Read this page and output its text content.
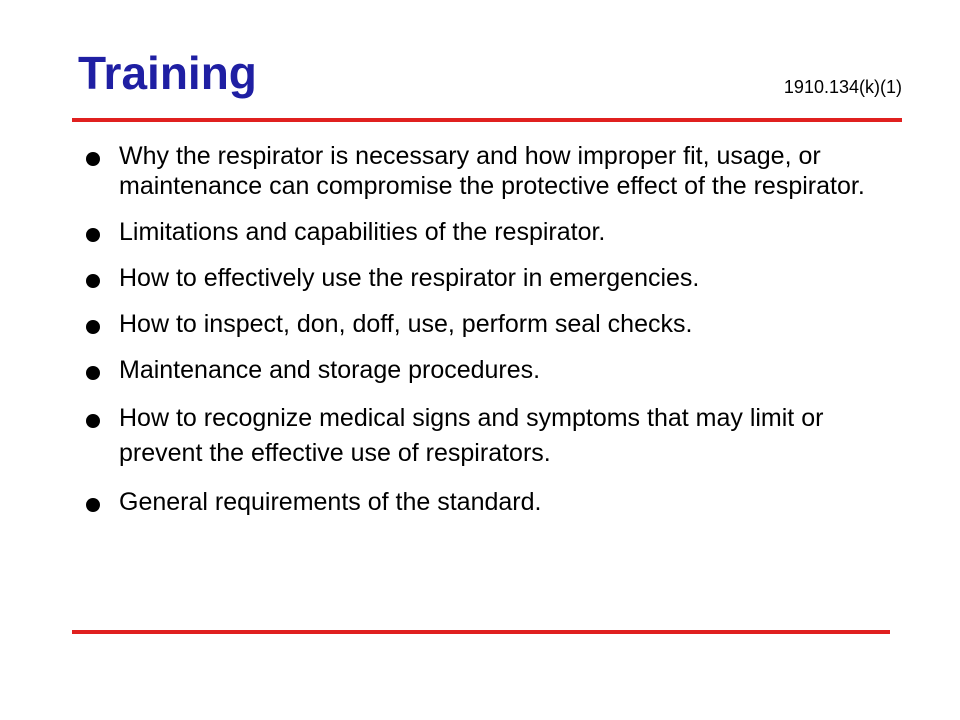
Training	1910.134(k)(1)
Why the respirator is necessary and how improper fit, usage, or maintenance can compromise the protective effect of the respirator.
Limitations and capabilities of the respirator.
How to effectively use the respirator in emergencies.
How to inspect, don, doff, use, perform seal checks.
Maintenance and storage procedures.
How to recognize medical signs and symptoms that may limit or prevent the effective use of respirators.
General requirements of the standard.
